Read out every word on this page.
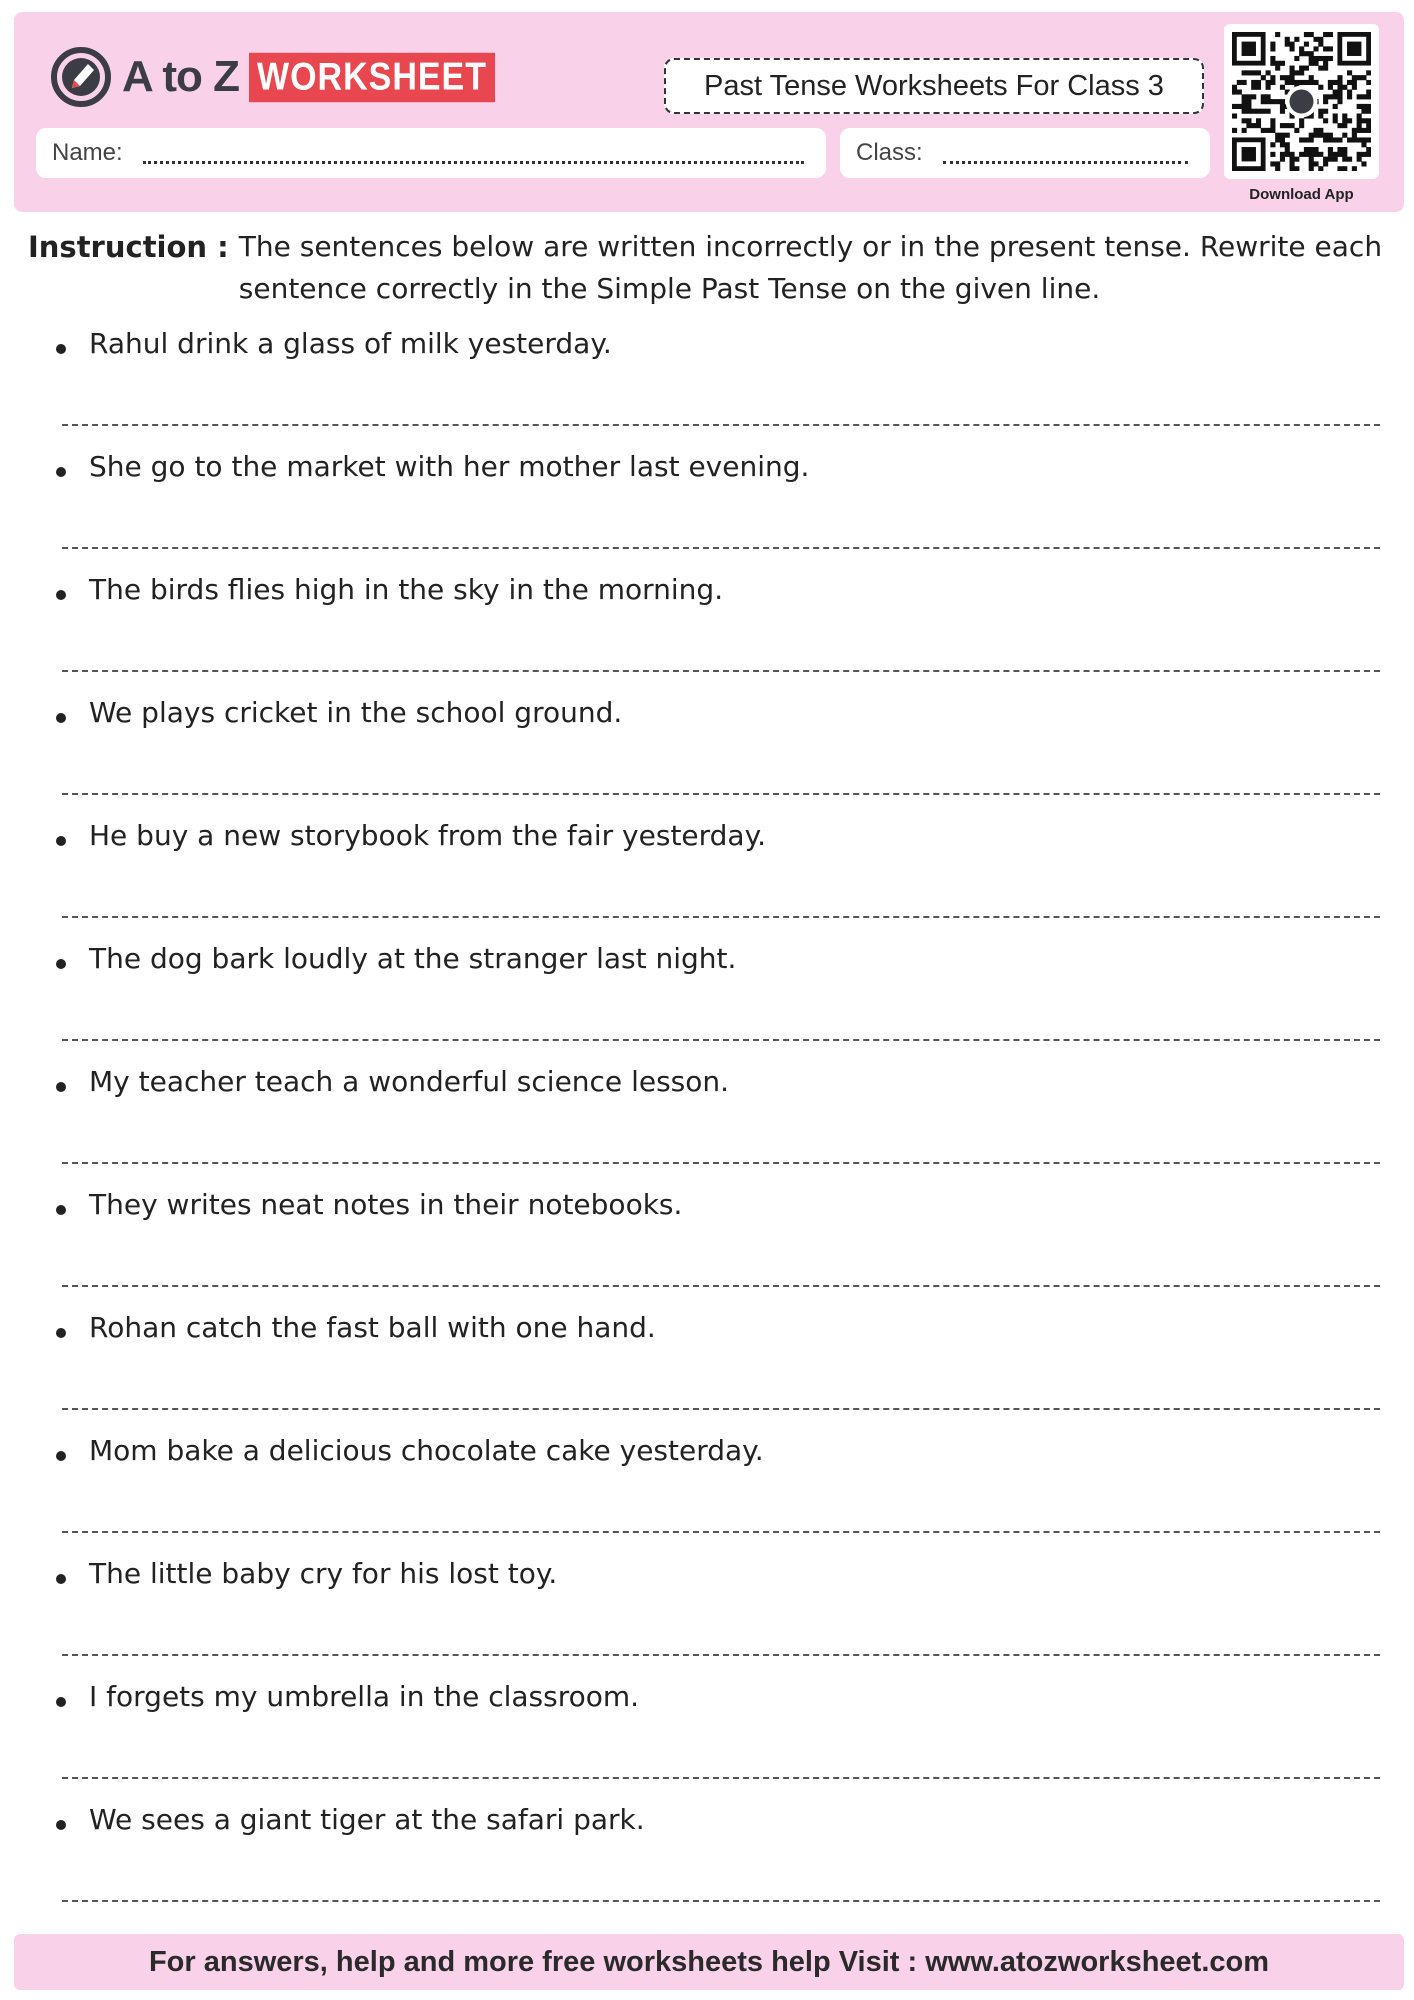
A to Z WORKSHEET	Past Tense Worksheets For Class 3
Name:	Class:
Download App
Instruction : The sentences below are written incorrectly or in the present tense. Rewrite each sentence correctly in the Simple Past Tense on the given line.
Rahul drink a glass of milk yesterday.
She go to the market with her mother last evening.
The birds flies high in the sky in the morning.
We plays cricket in the school ground.
He buy a new storybook from the fair yesterday.
The dog bark loudly at the stranger last night.
My teacher teach a wonderful science lesson.
They writes neat notes in their notebooks.
Rohan catch the fast ball with one hand.
Mom bake a delicious chocolate cake yesterday.
The little baby cry for his lost toy.
I forgets my umbrella in the classroom.
We sees a giant tiger at the safari park.
For answers, help and more free worksheets help Visit : www.atozworksheet.com
